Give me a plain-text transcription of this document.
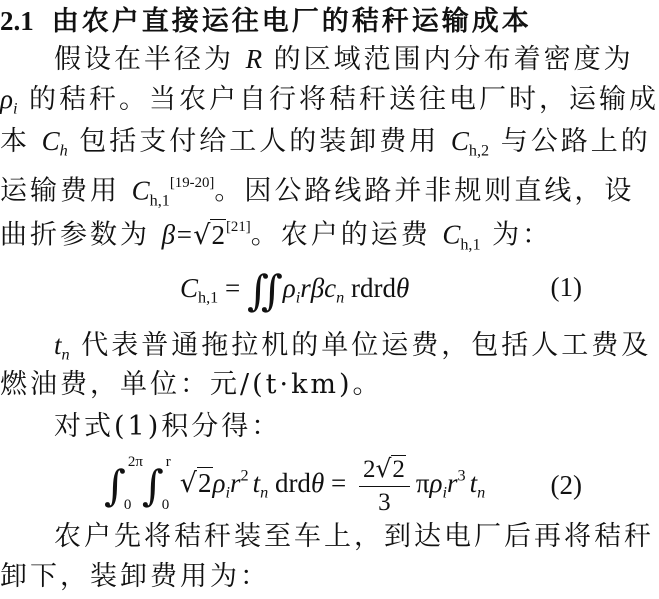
2.1 由农户直接运往电厂的秸秆运输成本
假设在半径为 R 的区域范围内分布着密度为
$\rho_i$ 的秸秆。当农户自行将秸秆送往电厂时，运输成
本 $C_h$ 包括支付给工人的装卸费用 $C_{h,2}$ 与公路上的
运输费用 $C_{h,1}[19-20]$。因公路线路并非规则直线，设
曲折参数为 β=√2[21]。农户的运费 $C_{h,1}$ 为：
$C_{h,1}$ = $∬\rho_ir\beta c_n$ rdrdθ	(1)
$t_n$ 代表普通拖拉机的单位运费，包括人工费及
燃油费，单位：元/(t·km)。
对式(1)积分得：
∫ 2π
0 ∫ r
0
$√2\rho_ir^2$ $t_n$ $drd\theta = \frac{2√2}{3} \pi\rho_ir^3$ $t_n$ (2)
农户先将秸秆装至车上，到达电厂后再将秸秆
卸下，装卸费用为：
